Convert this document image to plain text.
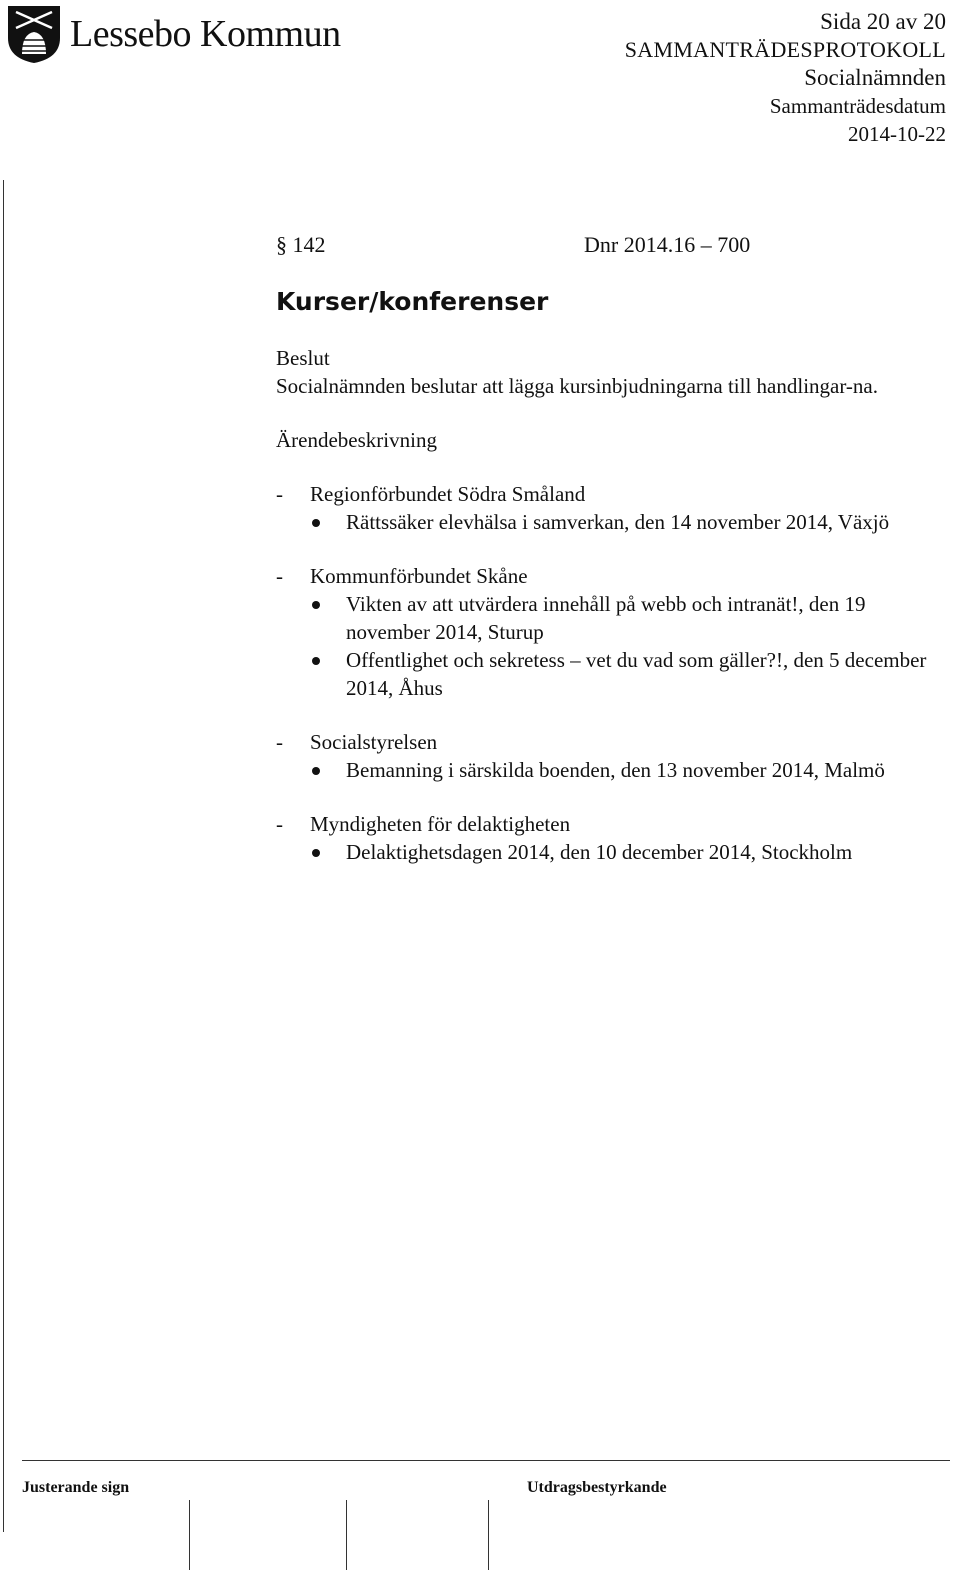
Lessebo Kommun	Sida 20 av 20
SAMMANTRÄDESPROTOKOLL
Socialnämnden
Sammanträdesdatum
2014-10-22
§ 142	Dnr 2014.16 – 700
Kurser/konferenser

Beslut

Socialnämnden beslutar att lägga kursinbjudningarna till handlingar-na.

Ärendebeskrivning

- Regionförbundet Södra Småland
Rättssäker elevhälsa i samverkan, den 14 november 2014, Växjö
- Kommunförbundet Skåne
Vikten av att utvärdera innehåll på webb och intranät!, den 19 november 2014, Sturup
Offentlighet och sekretess – vet du vad som gäller?!, den 5 december 2014, Åhus
- Socialstyrelsen
Bemanning i särskilda boenden, den 13 november 2014, Malmö
- Myndigheten för delaktigheten
Delaktighetsdagen 2014, den 10 december 2014, Stockholm
Justerande sign	Utdragsbestyrkande
